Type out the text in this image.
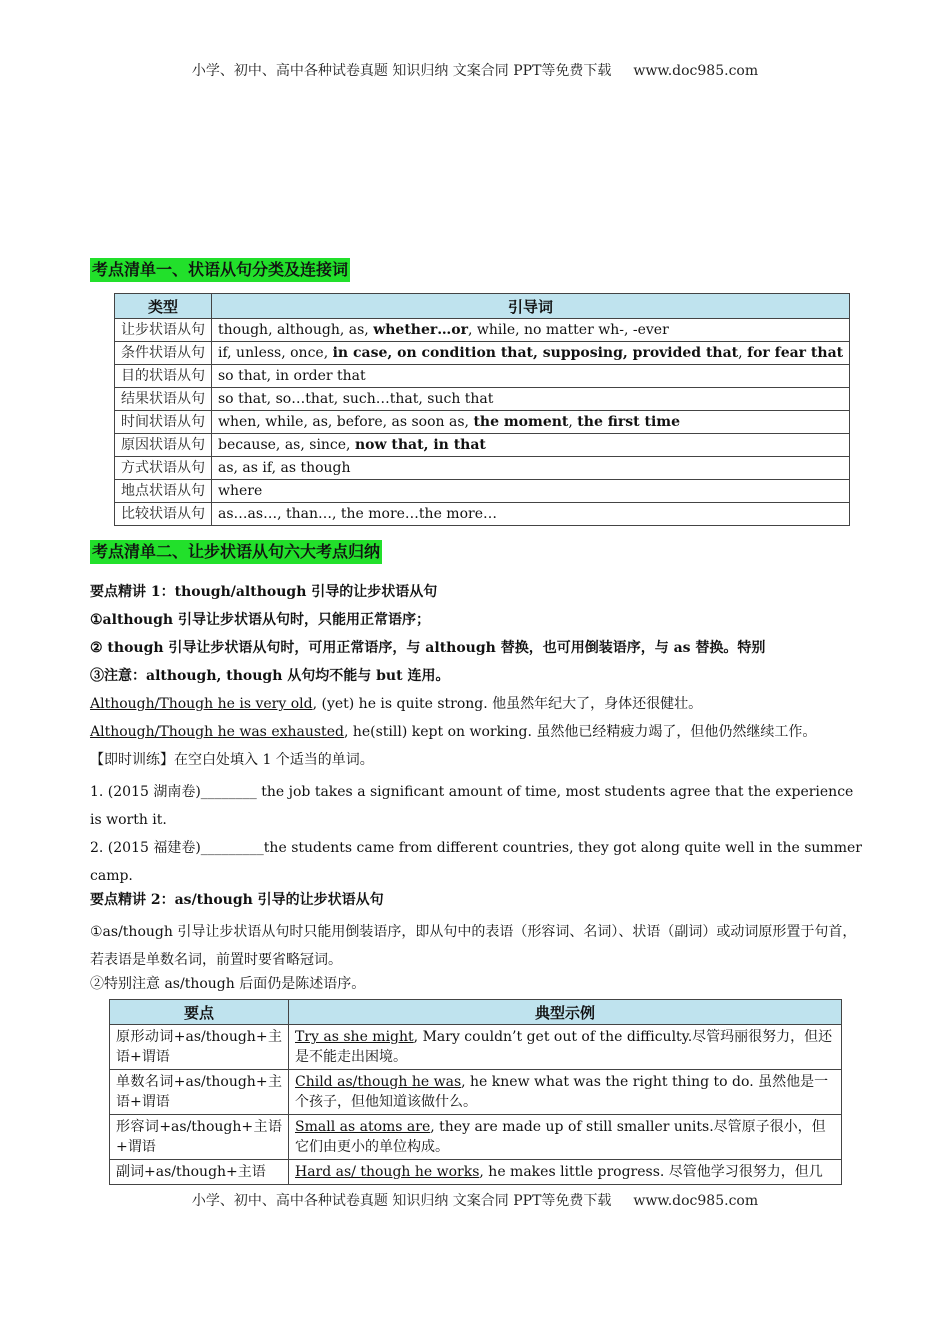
小学、初中、高中各种试卷真题 知识归纳 文案合同 PPT等免费下载 www.doc985.com
考点清单一、状语从句分类及连接词
类型	引导词
让步状语从句	though, although, as, whether…or, while, no matter wh-, -ever
条件状语从句	if, unless, once, in case, on condition that, supposing, provided that, for fear that
目的状语从句	so that, in order that
结果状语从句	so that, so…that, such…that, such that
时间状语从句	when, while, as, before, as soon as, the moment, the first time
原因状语从句	because, as, since, now that, in that
方式状语从句	as, as if, as though
地点状语从句	where
比较状语从句	as…as…, than…, the more…the more…
考点清单二、让步状语从句六大考点归纳
要点精讲 1：though/although 引导的让步状语从句
①although 引导让步状语从句时，只能用正常语序；
② though 引导让步状语从句时，可用正常语序，与 although 替换，也可用倒装语序，与 as 替换。特别
③注意：although, though 从句均不能与 but 连用。
Although/Though he is very old, (yet) he is quite strong. 他虽然年纪大了，身体还很健壮。
Although/Though he was exhausted, he(still) kept on working. 虽然他已经精疲力竭了，但他仍然继续工作。
【即时训练】在空白处填入 1 个适当的单词。
1. (2015 湖南卷)________ the job takes a significant amount of time, most students agree that the experience is worth it.
2. (2015 福建卷)_________the students came from different countries, they got along quite well in the summer camp.
要点精讲 2：as/though 引导的让步状语从句
①as/though 引导让步状语从句时只能用倒装语序，即从句中的表语（形容词、名词）、状语（副词）或动词原形置于句首，若表语是单数名词，前置时要省略冠词。
②特别注意 as/though 后面仍是陈述语序。
要点	典型示例
原形动词+as/though+主语+谓语	Try as she might, Mary couldn’t get out of the difficulty.尽管玛丽很努力，但还是不能走出困境。
单数名词+as/though+主语+谓语	Child as/though he was, he knew what was the right thing to do. 虽然他是一个孩子，但他知道该做什么。
形容词+as/though+主语+谓语	Small as atoms are, they are made up of still smaller units.尽管原子很小，但它们由更小的单位构成。
副词+as/though+主语	Hard as/ though he works, he makes little progress. 尽管他学习很努力，但几
小学、初中、高中各种试卷真题 知识归纳 文案合同 PPT等免费下载 www.doc985.com
